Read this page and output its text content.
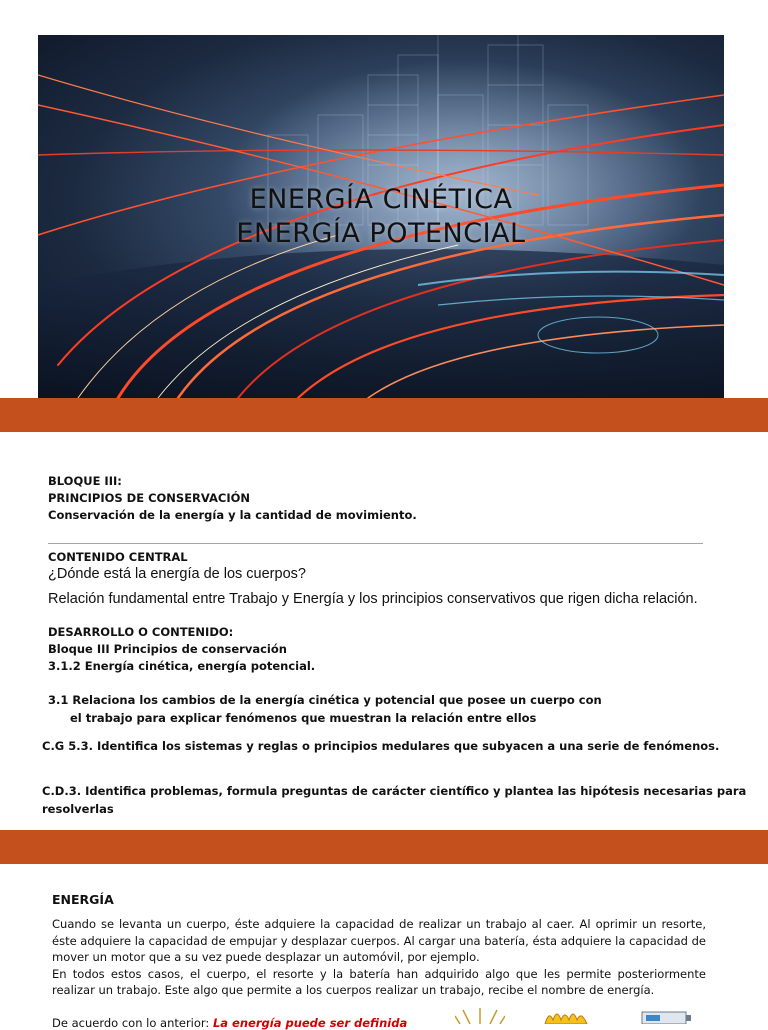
ENERGÍA CINÉTICA
ENERGÍA POTENCIAL
BLOQUE III:
PRINCIPIOS DE CONSERVACIÓN
Conservación de la energía y la cantidad de movimiento.
CONTENIDO CENTRAL
¿Dónde está la energía de los cuerpos?
Relación fundamental entre Trabajo y Energía y los principios conservativos que rigen dicha relación.
DESARROLLO O CONTENIDO:
Bloque III Principios de conservación
3.1.2 Energía cinética, energía potencial.
3.1 Relaciona los cambios de la energía cinética y potencial que posee un cuerpo con
el trabajo para explicar fenómenos que muestran la relación entre ellos
C.G 5.3. Identifica los sistemas y reglas o principios medulares que subyacen a una serie de fenómenos.
C.D.3. Identifica problemas, formula preguntas de carácter científico y plantea las hipótesis necesarias para
resolverlas
ENERGÍA

Cuando se levanta un cuerpo, éste adquiere la capacidad de realizar un trabajo al caer. Al oprimir un resorte, éste adquiere la capacidad de empujar y desplazar cuerpos. Al cargar una batería, ésta adquiere la capacidad de mover un motor que a su vez puede desplazar un automóvil, por ejemplo.

En todos estos casos, el cuerpo, el resorte y la batería han adquirido algo que les permite posteriormente realizar un trabajo. Este algo que permite a los cuerpos realizar un trabajo, recibe el nombre de energía.

De acuerdo con lo anterior: La energía puede ser definida
